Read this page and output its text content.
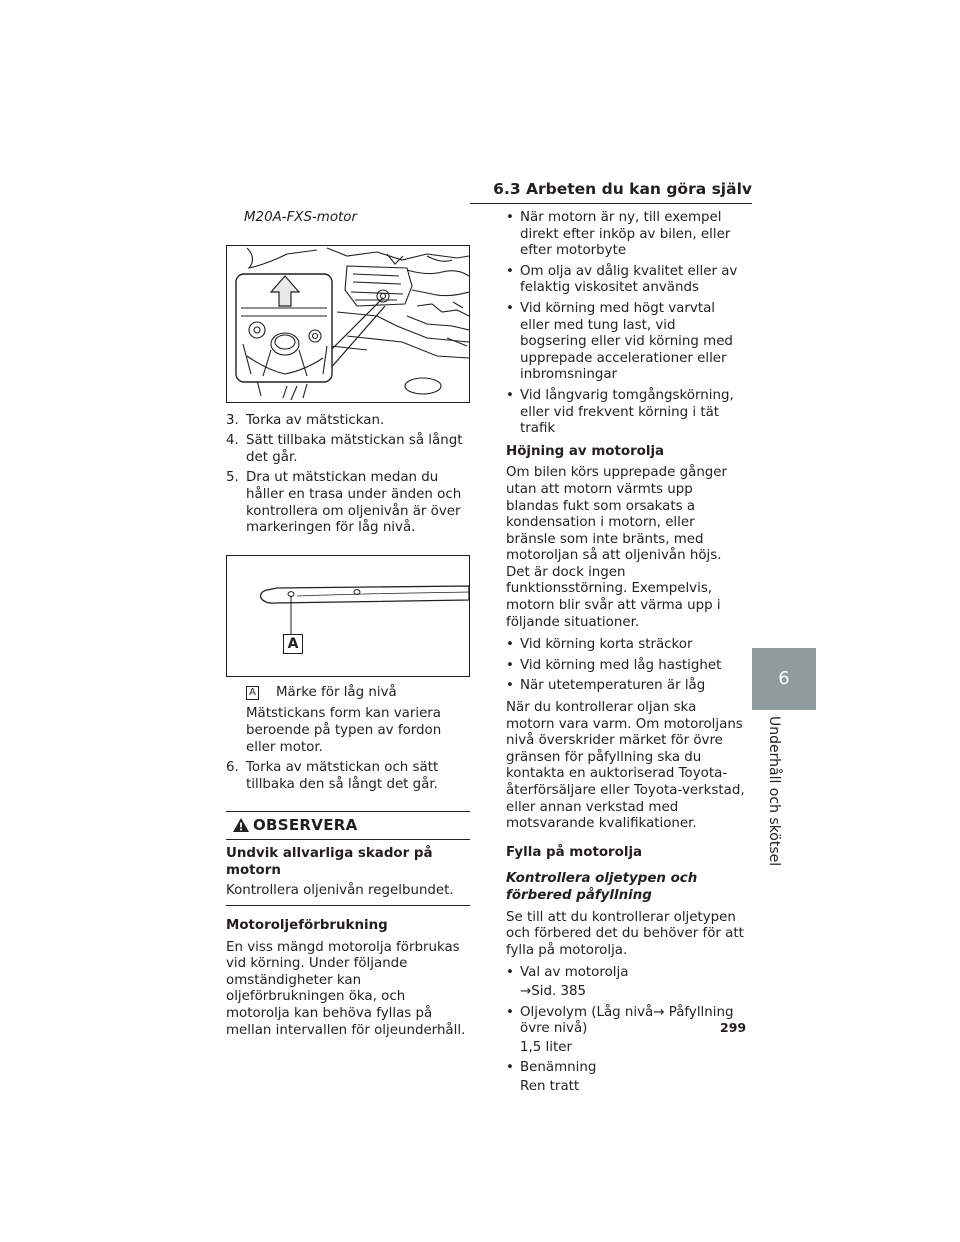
6.3 Arbeten du kan göra själv
6
Underhåll och skötsel
M20A-FXS-motor
3. Torka av mätstickan.
4. Sätt tillbaka mätstickan så långt det går.
5. Dra ut mätstickan medan du håller en trasa under änden och kontrollera om oljenivån är över markeringen för låg nivå.
A
A Märke för låg nivå
Mätstickans form kan variera beroende på typen av fordon eller motor.
6. Torka av mätstickan och sätt tillbaka den så långt det går.
OBSERVERA
Undvik allvarliga skador på motorn
Kontrollera oljenivån regelbundet.
Motoroljeförbrukning
En viss mängd motorolja förbrukas vid körning. Under följande omständigheter kan oljeförbrukningen öka, och motorolja kan behöva fyllas på mellan intervallen för oljeunderhåll.
• När motorn är ny, till exempel direkt efter inköp av bilen, eller efter motorbyte
• Om olja av dålig kvalitet eller av felaktig viskositet används
• Vid körning med högt varvtal eller med tung last, vid bogsering eller vid körning med upprepade accelerationer eller inbromsningar
• Vid långvarig tomgångskörning, eller vid frekvent körning i tät trafik
Höjning av motorolja
Om bilen körs upprepade gånger utan att motorn värmts upp blandas fukt som orsakats a kondensation i motorn, eller bränsle som inte bränts, med motoroljan så att oljenivån höjs. Det är dock ingen funktionsstörning. Exempelvis, motorn blir svår att värma upp i följande situationer.
• Vid körning korta sträckor
• Vid körning med låg hastighet
• När utetemperaturen är låg
När du kontrollerar oljan ska motorn vara varm. Om motoroljans nivå överskrider märket för övre gränsen för påfyllning ska du kontakta en auktoriserad Toyota-återförsäljare eller Toyota-verkstad, eller annan verkstad med motsvarande kvalifikationer.
Fylla på motorolja
Kontrollera oljetypen och förbered påfyllning
Se till att du kontrollerar oljetypen och förbered det du behöver för att fylla på motorolja.
• Val av motorolja
→Sid. 385
• Oljevolym (Låg nivå→ Påfyllning övre nivå)
1,5 liter
• Benämning
Ren tratt
299
